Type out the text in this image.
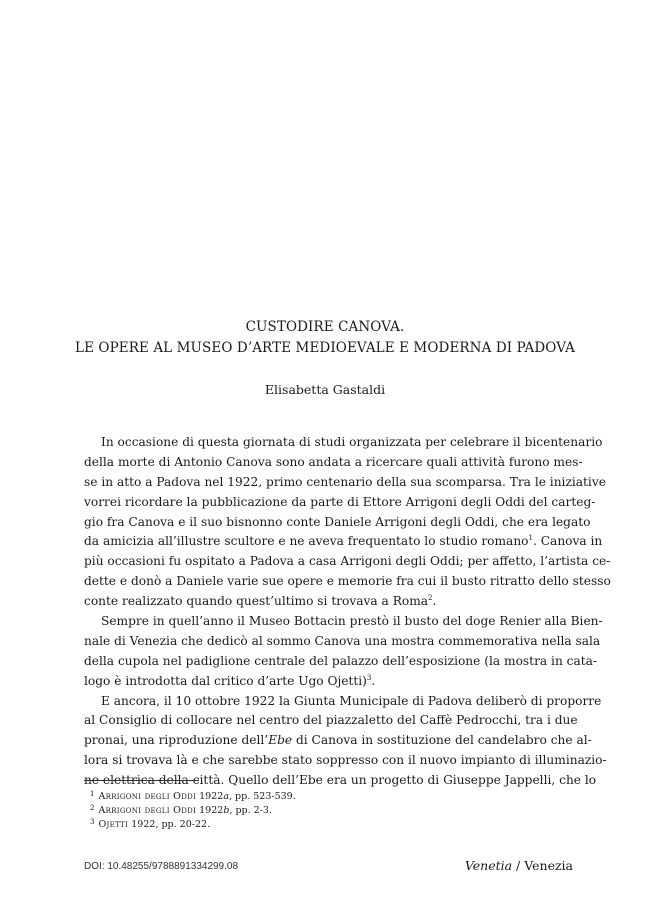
CUSTODIRE CANOVA.
LE OPERE AL MUSEO D’ARTE MEDIOEVALE E MODERNA DI PADOVA
Elisabetta Gastaldi
In occasione di questa giornata di studi organizzata per celebrare il bicentenario
della morte di Antonio Canova sono andata a ricercare quali attività furono mes-
se in atto a Padova nel 1922, primo centenario della sua scomparsa. Tra le iniziative
vorrei ricordare la pubblicazione da parte di Ettore Arrigoni degli Oddi del carteg-
gio fra Canova e il suo bisnonno conte Daniele Arrigoni degli Oddi, che era legato
da amicizia all’illustre scultore e ne aveva frequentato lo studio romano$^1$. Canova in
più occasioni fu ospitato a Padova a casa Arrigoni degli Oddi; per affetto, l’artista ce-
dette e donò a Daniele varie sue opere e memorie fra cui il busto ritratto dello stesso
conte realizzato quando quest’ultimo si trovava a Roma$^2$.
Sempre in quell’anno il Museo Bottacin prestò il busto del doge Renier alla Bien-
nale di Venezia che dedicò al sommo Canova una mostra commemorativa nella sala
della cupola nel padiglione centrale del palazzo dell’esposizione (la mostra in cata-
logo è introdotta dal critico d’arte Ugo Ojetti)$^3$.
E ancora, il 10 ottobre 1922 la Giunta Municipale di Padova deliberò di proporre
al Consiglio di collocare nel centro del piazzaletto del Caffè Pedrocchi, tra i due
pronai, una riproduzione dell’Ebe di Canova in sostituzione del candelabro che al-
lora si trovava là e che sarebbe stato soppresso con il nuovo impianto di illuminazio-
ne elettrica della città. Quello dell’Ebe era un progetto di Giuseppe Jappelli, che lo
$^1$ Arrigoni degli Oddi 1922a, pp. 523-539.
$^2$ Arrigoni degli Oddi 1922b, pp. 2-3.
$^3$ Ojetti 1922, pp. 20-22.
DOI: 10.48255/9788891334299.08	Venetia / Venezia
